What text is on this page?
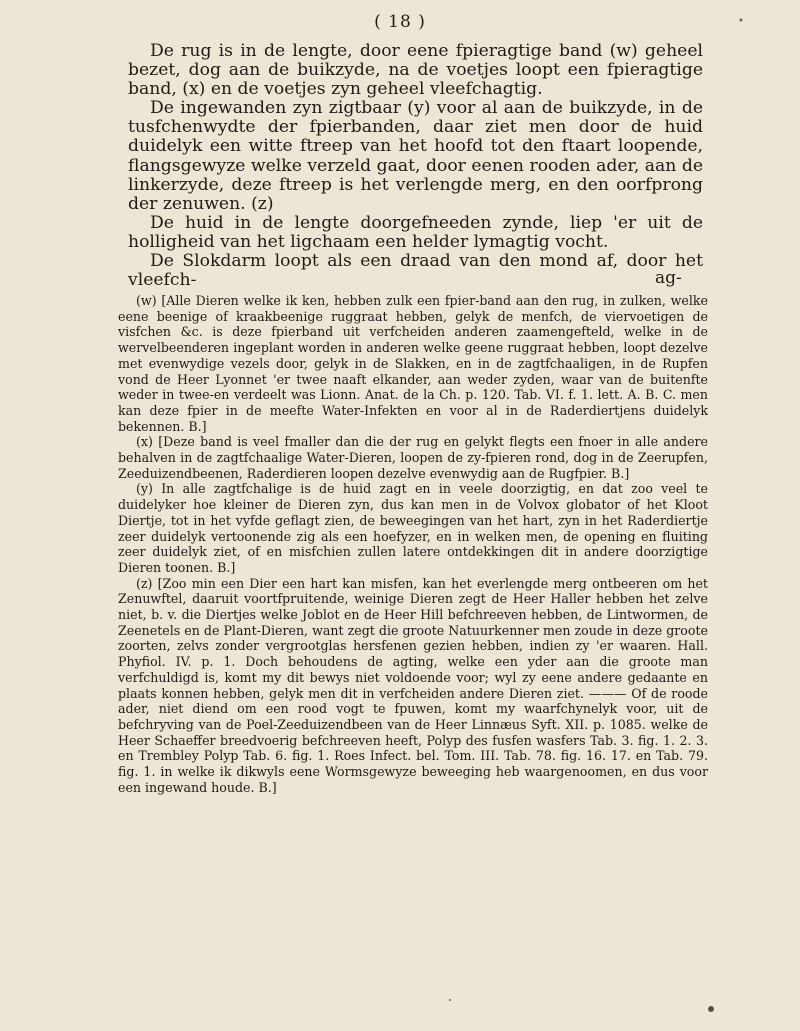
( 18 )

De rug is in de lengte, door eene fpieragtige band (w) geheel bezet, dog aan de buikzyde, na de voetjes loopt een fpieragtige band, (x) en de voetjes zyn geheel vleefchagtig.

De ingewanden zyn zigtbaar (y) voor al aan de buikzyde, in de tusfchenwydte der fpierbanden, daar ziet men door de huid duidelyk een witte ftreep van het hoofd tot den ftaart loopende, flangsgewyze welke verzeld gaat, door eenen rooden ader, aan de linkerzyde, deze ftreep is het verlengde merg, en den oorfprong der zenuwen. (z)

De huid in de lengte doorgefneeden zynde, liep 'er uit de holligheid van het ligchaam een helder lymagtig vocht.

De Slokdarm loopt als een draad van den mond af, door het vleefch-	ag-

(w) [Alle Dieren welke ik ken, hebben zulk een fpier-band aan den rug, in zulken, welke eene beenige of kraakbeenige ruggraat hebben, gelyk de menfch, de viervoetigen de visfchen &c. is deze fpierband uit verfcheiden anderen zaamengefteld, welke in de wervelbeenderen ingeplant worden in anderen welke geene ruggraat hebben, loopt dezelve met evenwydige vezels door, gelyk in de Slakken, en in de zagtfchaaligen, in de Rupfen vond de Heer Lyonnet 'er twee naaft elkander, aan weder zyden, waar van de buitenfte weder in twee-en verdeelt was Lionn. Anat. de la Ch. p. 120. Tab. VI. f. 1. lett. A. B. C. men kan deze fpier in de meefte Water-Infekten en voor al in de Raderdiertjens duidelyk bekennen. B.]

(x) [Deze band is veel fmaller dan die der rug en gelykt flegts een fnoer in alle andere behalven in de zagtfchaalige Water-Dieren, loopen de zy-fpieren rond, dog in de Zeerupfen, Zeeduizendbeenen, Raderdieren loopen dezelve evenwydig aan de Rugfpier. B.]

(y) In alle zagtfchalige is de huid zagt en in veele doorzigtig, en dat zoo veel te duidelyker hoe kleiner de Dieren zyn, dus kan men in de Volvox globator of het Kloot Diertje, tot in het vyfde geflagt zien, de beweegingen van het hart, zyn in het Raderdiertje zeer duidelyk vertoonende zig als een hoefyzer, en in welken men, de opening en fluiting zeer duidelyk ziet, of en misfchien zullen latere ontdekkingen dit in andere doorzigtige Dieren toonen. B.]

(z) [Zoo min een Dier een hart kan misfen, kan het everlengde merg ontbeeren om het Zenuwftel, daaruit voortfpruitende, weinige Dieren zegt de Heer Haller hebben het zelve niet, b. v. die Diertjes welke Joblot en de Heer Hill befchreeven hebben, de Lintwormen, de Zeenetels en de Plant-Dieren, want zegt die groote Natuurkenner men zoude in deze groote zoorten, zelvs zonder vergrootglas hersfenen gezien hebben, indien zy 'er waaren. Hall. Phyfiol. IV. p. 1. Doch behoudens de agting, welke een yder aan die groote man verfchuldigd is, komt my dit bewys niet voldoende voor; wyl zy eene andere gedaante en plaats konnen hebben, gelyk men dit in verfcheiden andere Dieren ziet. ——— Of de roode ader, niet diend om een rood vogt te fpuwen, komt my waarfchynelyk voor, uit de befchryving van de Poel-Zeeduizendbeen van de Heer Linnæus Syft. XII. p. 1085. welke de Heer Schaeffer breedvoerig befchreeven heeft, Polyp des fusfen wasfers Tab. 3. fig. 1. 2. 3. en Trembley Polyp Tab. 6. fig. 1. Roes Infect. bel. Tom. III. Tab. 78. fig. 16. 17. en Tab. 79. fig. 1. in welke ik dikwyls eene Wormsgewyze beweeging heb waargenoomen, en dus voor een ingewand houde. B.]
